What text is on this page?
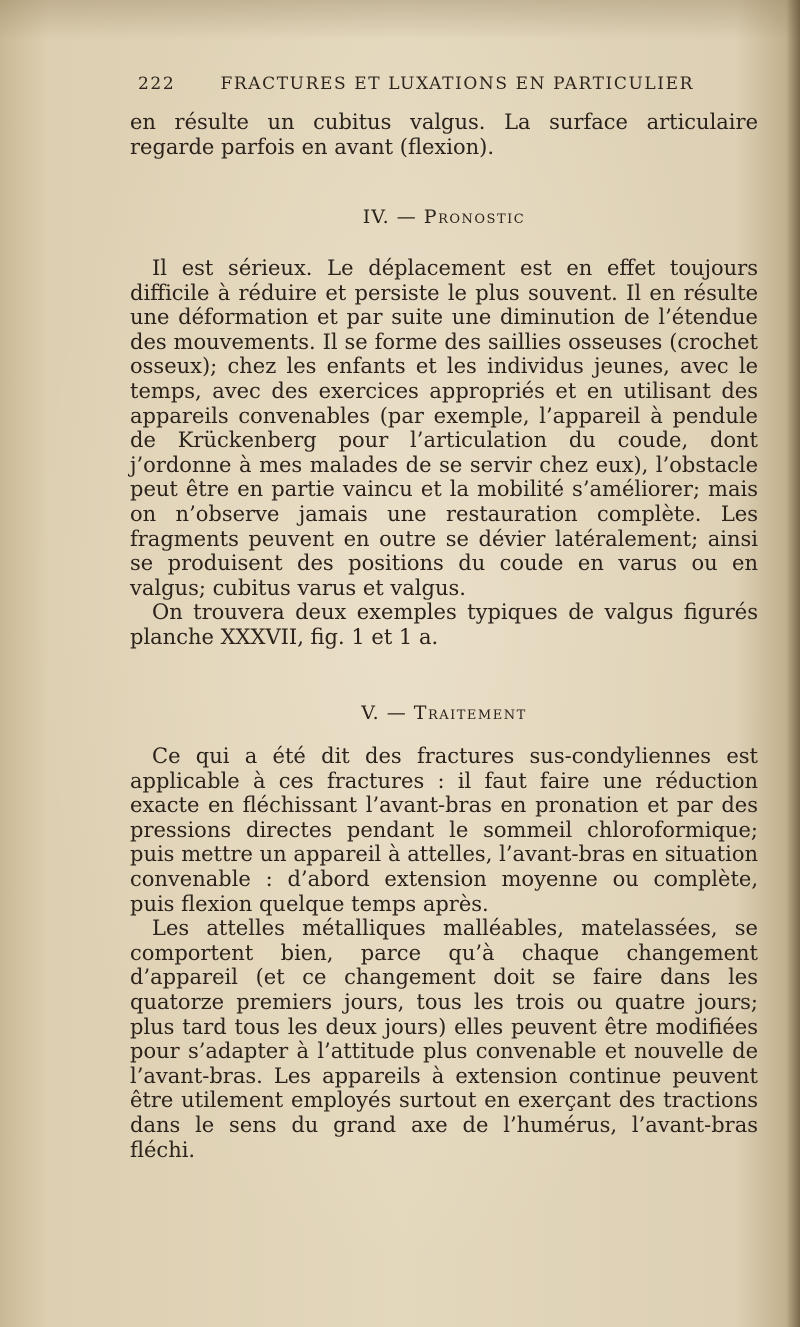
222	FRACTURES ET LUXATIONS EN PARTICULIER

en résulte un cubitus valgus. La surface articulaire regarde parfois en avant (flexion).

IV. — Pronostic

Il est sérieux. Le déplacement est en effet toujours difficile à réduire et persiste le plus souvent. Il en résulte une déformation et par suite une diminution de l’étendue des mouvements. Il se forme des saillies osseuses (crochet osseux); chez les enfants et les individus jeunes, avec le temps, avec des exercices appropriés et en utilisant des appareils convenables (par exemple, l’appareil à pendule de Krückenberg pour l’articulation du coude, dont j’ordonne à mes malades de se servir chez eux), l’obstacle peut être en partie vaincu et la mobilité s’améliorer; mais on n’observe jamais une restauration complète. Les fragments peuvent en outre se dévier latéralement; ainsi se produisent des positions du coude en varus ou en valgus; cubitus varus et valgus.

On trouvera deux exemples typiques de valgus figurés planche XXXVII, fig. 1 et 1 a.

V. — Traitement

Ce qui a été dit des fractures sus-condyliennes est applicable à ces fractures : il faut faire une réduction exacte en fléchissant l’avant-bras en pronation et par des pressions directes pendant le sommeil chloroformique; puis mettre un appareil à attelles, l’avant-bras en situation convenable : d’abord extension moyenne ou complète, puis flexion quelque temps après.

Les attelles métalliques malléables, matelassées, se comportent bien, parce qu’à chaque changement d’appareil (et ce changement doit se faire dans les quatorze premiers jours, tous les trois ou quatre jours; plus tard tous les deux jours) elles peuvent être modifiées pour s’adapter à l’attitude plus convenable et nouvelle de l’avant-bras. Les appareils à extension continue peuvent être utilement employés surtout en exerçant des tractions dans le sens du grand axe de l’humérus, l’avant-bras fléchi.
